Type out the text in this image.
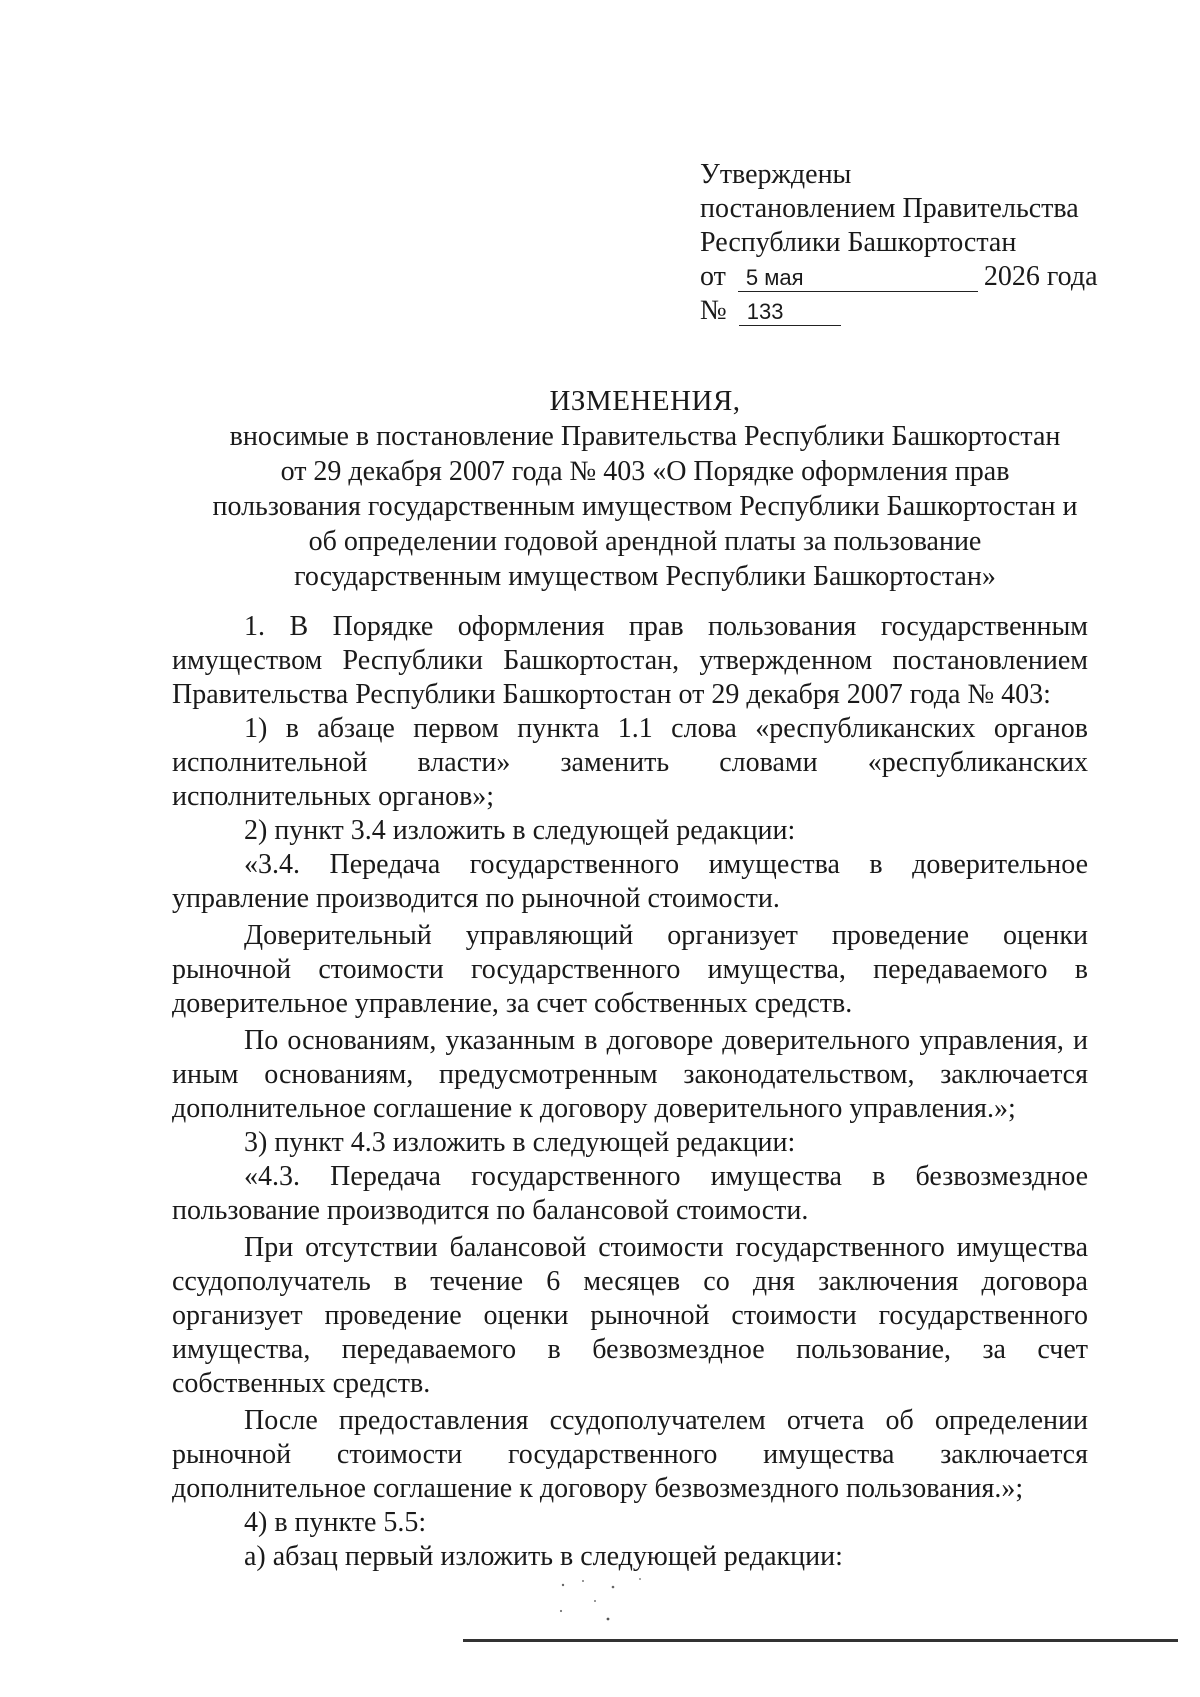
Утверждены
постановлением Правительства
Республики Башкортостан
от 5 мая	2026 года
№ 133
ИЗМЕНЕНИЯ,
вносимые в постановление Правительства Республики Башкортостан
от 29 декабря 2007 года № 403 «О Порядке оформления прав
пользования государственным имуществом Республики Башкортостан и
об определении годовой арендной платы за пользование
государственным имуществом Республики Башкортостан»

1. В Порядке оформления прав пользования государственным имуществом Республики Башкортостан, утвержденном постановлением Правительства Республики Башкортостан от 29 декабря 2007 года № 403:

1) в абзаце первом пункта 1.1 слова «республиканских органов исполнительной власти» заменить словами «республиканских исполнительных органов»;

2) пункт 3.4 изложить в следующей редакции:

«3.4. Передача государственного имущества в доверительное управление производится по рыночной стоимости.

Доверительный управляющий организует проведение оценки рыночной стоимости государственного имущества, передаваемого в доверительное управление, за счет собственных средств.

По основаниям, указанным в договоре доверительного управления, и иным основаниям, предусмотренным законодательством, заключается дополнительное соглашение к договору доверительного управления.»;

3) пункт 4.3 изложить в следующей редакции:

«4.3. Передача государственного имущества в безвозмездное пользование производится по балансовой стоимости.

При отсутствии балансовой стоимости государственного имущества ссудополучатель в течение 6 месяцев со дня заключения договора организует проведение оценки рыночной стоимости государственного имущества, передаваемого в безвозмездное пользование, за счет собственных средств.

После предоставления ссудополучателем отчета об определении рыночной стоимости государственного имущества заключается дополнительное соглашение к договору безвозмездного пользования.»;

4) в пункте 5.5:

а) абзац первый изложить в следующей редакции:
